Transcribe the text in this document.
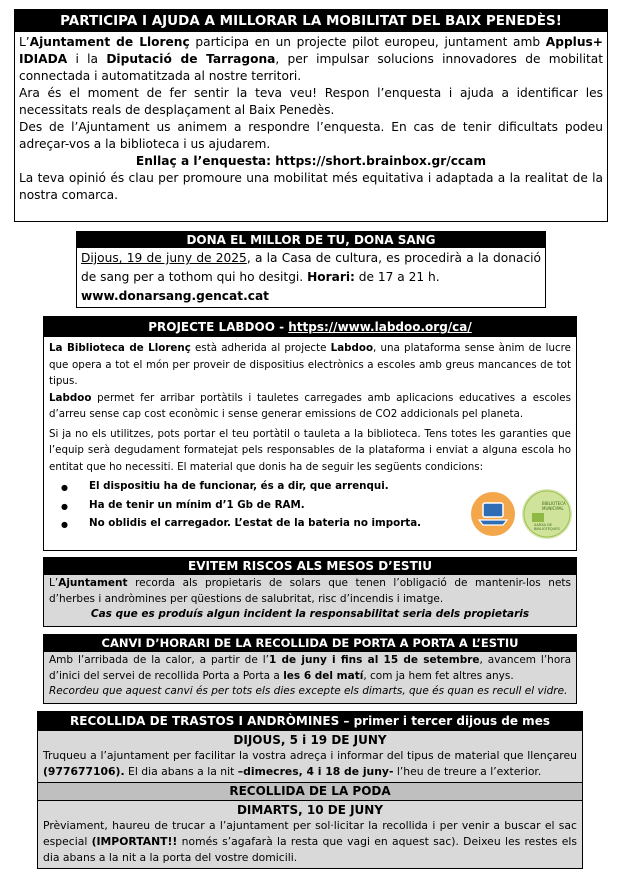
PARTICIPA I AJUDA A MILLORAR LA MOBILITAT DEL BAIX PENEDÈS!

L’Ajuntament de Llorenç participa en un projecte pilot europeu, juntament amb Applus+ IDIADA i la Diputació de Tarragona, per impulsar solucions innovadores de mobilitat connectada i automatitzada al nostre territori.

Ara és el moment de fer sentir la teva veu! Respon l’enquesta i ajuda a identificar les necessitats reals de desplaçament al Baix Penedès.

Des de l’Ajuntament us animem a respondre l’enquesta. En cas de tenir dificultats podeu adreçar-vos a la biblioteca i us ajudarem.

Enllaç a l’enquesta: https://short.brainbox.gr/ccam

La teva opinió és clau per promoure una mobilitat més equitativa i adaptada a la realitat de la nostra comarca.

DONA EL MILLOR DE TU, DONA SANG

Dijous, 19 de juny de 2025, a la Casa de cultura, es procedirà a la donació de sang per a tothom qui ho desitgi. Horari: de 17 a 21 h.

www.donarsang.gencat.cat

PROJECTE LABDOO - https://www.labdoo.org/ca/

La Biblioteca de Llorenç està adherida al projecte Labdoo, una plataforma sense ànim de lucre que opera a tot el món per proveir de dispositius electrònics a escoles amb greus mancances de tot tipus.

Labdoo permet fer arribar portàtils i tauletes carregades amb aplicacions educatives a escoles d’arreu sense cap cost econòmic i sense generar emissions de CO2 addicionals pel planeta.

Si ja no els utilitzes, pots portar el teu portàtil o tauleta a la biblioteca. Tens totes les garanties que l’equip serà degudament formatejat pels responsables de la plataforma i enviat a alguna escola ho entitat que ho necessiti. El material que donis ha de seguir les següents condicions:

● El dispositiu ha de funcionar, és a dir, que arrenqui.
● Ha de tenir un mínim d’1 Gb de RAM.
● No oblidis el carregador. L’estat de la bateria no importa.
BIBLIOTECA MUNICIPAL
XARXA DE BIBLIOTEQUES
EVITEM RISCOS ALS MESOS D’ESTIU

L’Ajuntament recorda als propietaris de solars que tenen l’obligació de mantenir-los nets d’herbes i andròmines per qüestions de salubritat, risc d’incendis i imatge.

Cas que es produís algun incident la responsabilitat seria dels propietaris

CANVI D’HORARI DE LA RECOLLIDA DE PORTA A PORTA A L’ESTIU

Amb l’arribada de la calor, a partir de l’1 de juny i fins al 15 de setembre, avancem l’hora d’inici del servei de recollida Porta a Porta a les 6 del matí, com ja hem fet altres anys.

Recordeu que aquest canvi és per tots els dies excepte els dimarts, que és quan es recull el vidre.

RECOLLIDA DE TRASTOS I ANDRÒMINES – primer i tercer dijous de mes
DIJOUS, 5 i 19 DE JUNY

Truqueu a l’ajuntament per facilitar la vostra adreça i informar del tipus de material que llençareu (977677106). El dia abans a la nit –dimecres, 4 i 18 de juny- l’heu de treure a l’exterior.

RECOLLIDA DE LA PODA
DIMARTS, 10 DE JUNY

Prèviament, haureu de trucar a l’ajuntament per sol·licitar la recollida i per venir a buscar el sac especial (IMPORTANT!! només s’agafarà la resta que vagi en aquest sac). Deixeu les restes els dia abans a la nit a la porta del vostre domicili.
